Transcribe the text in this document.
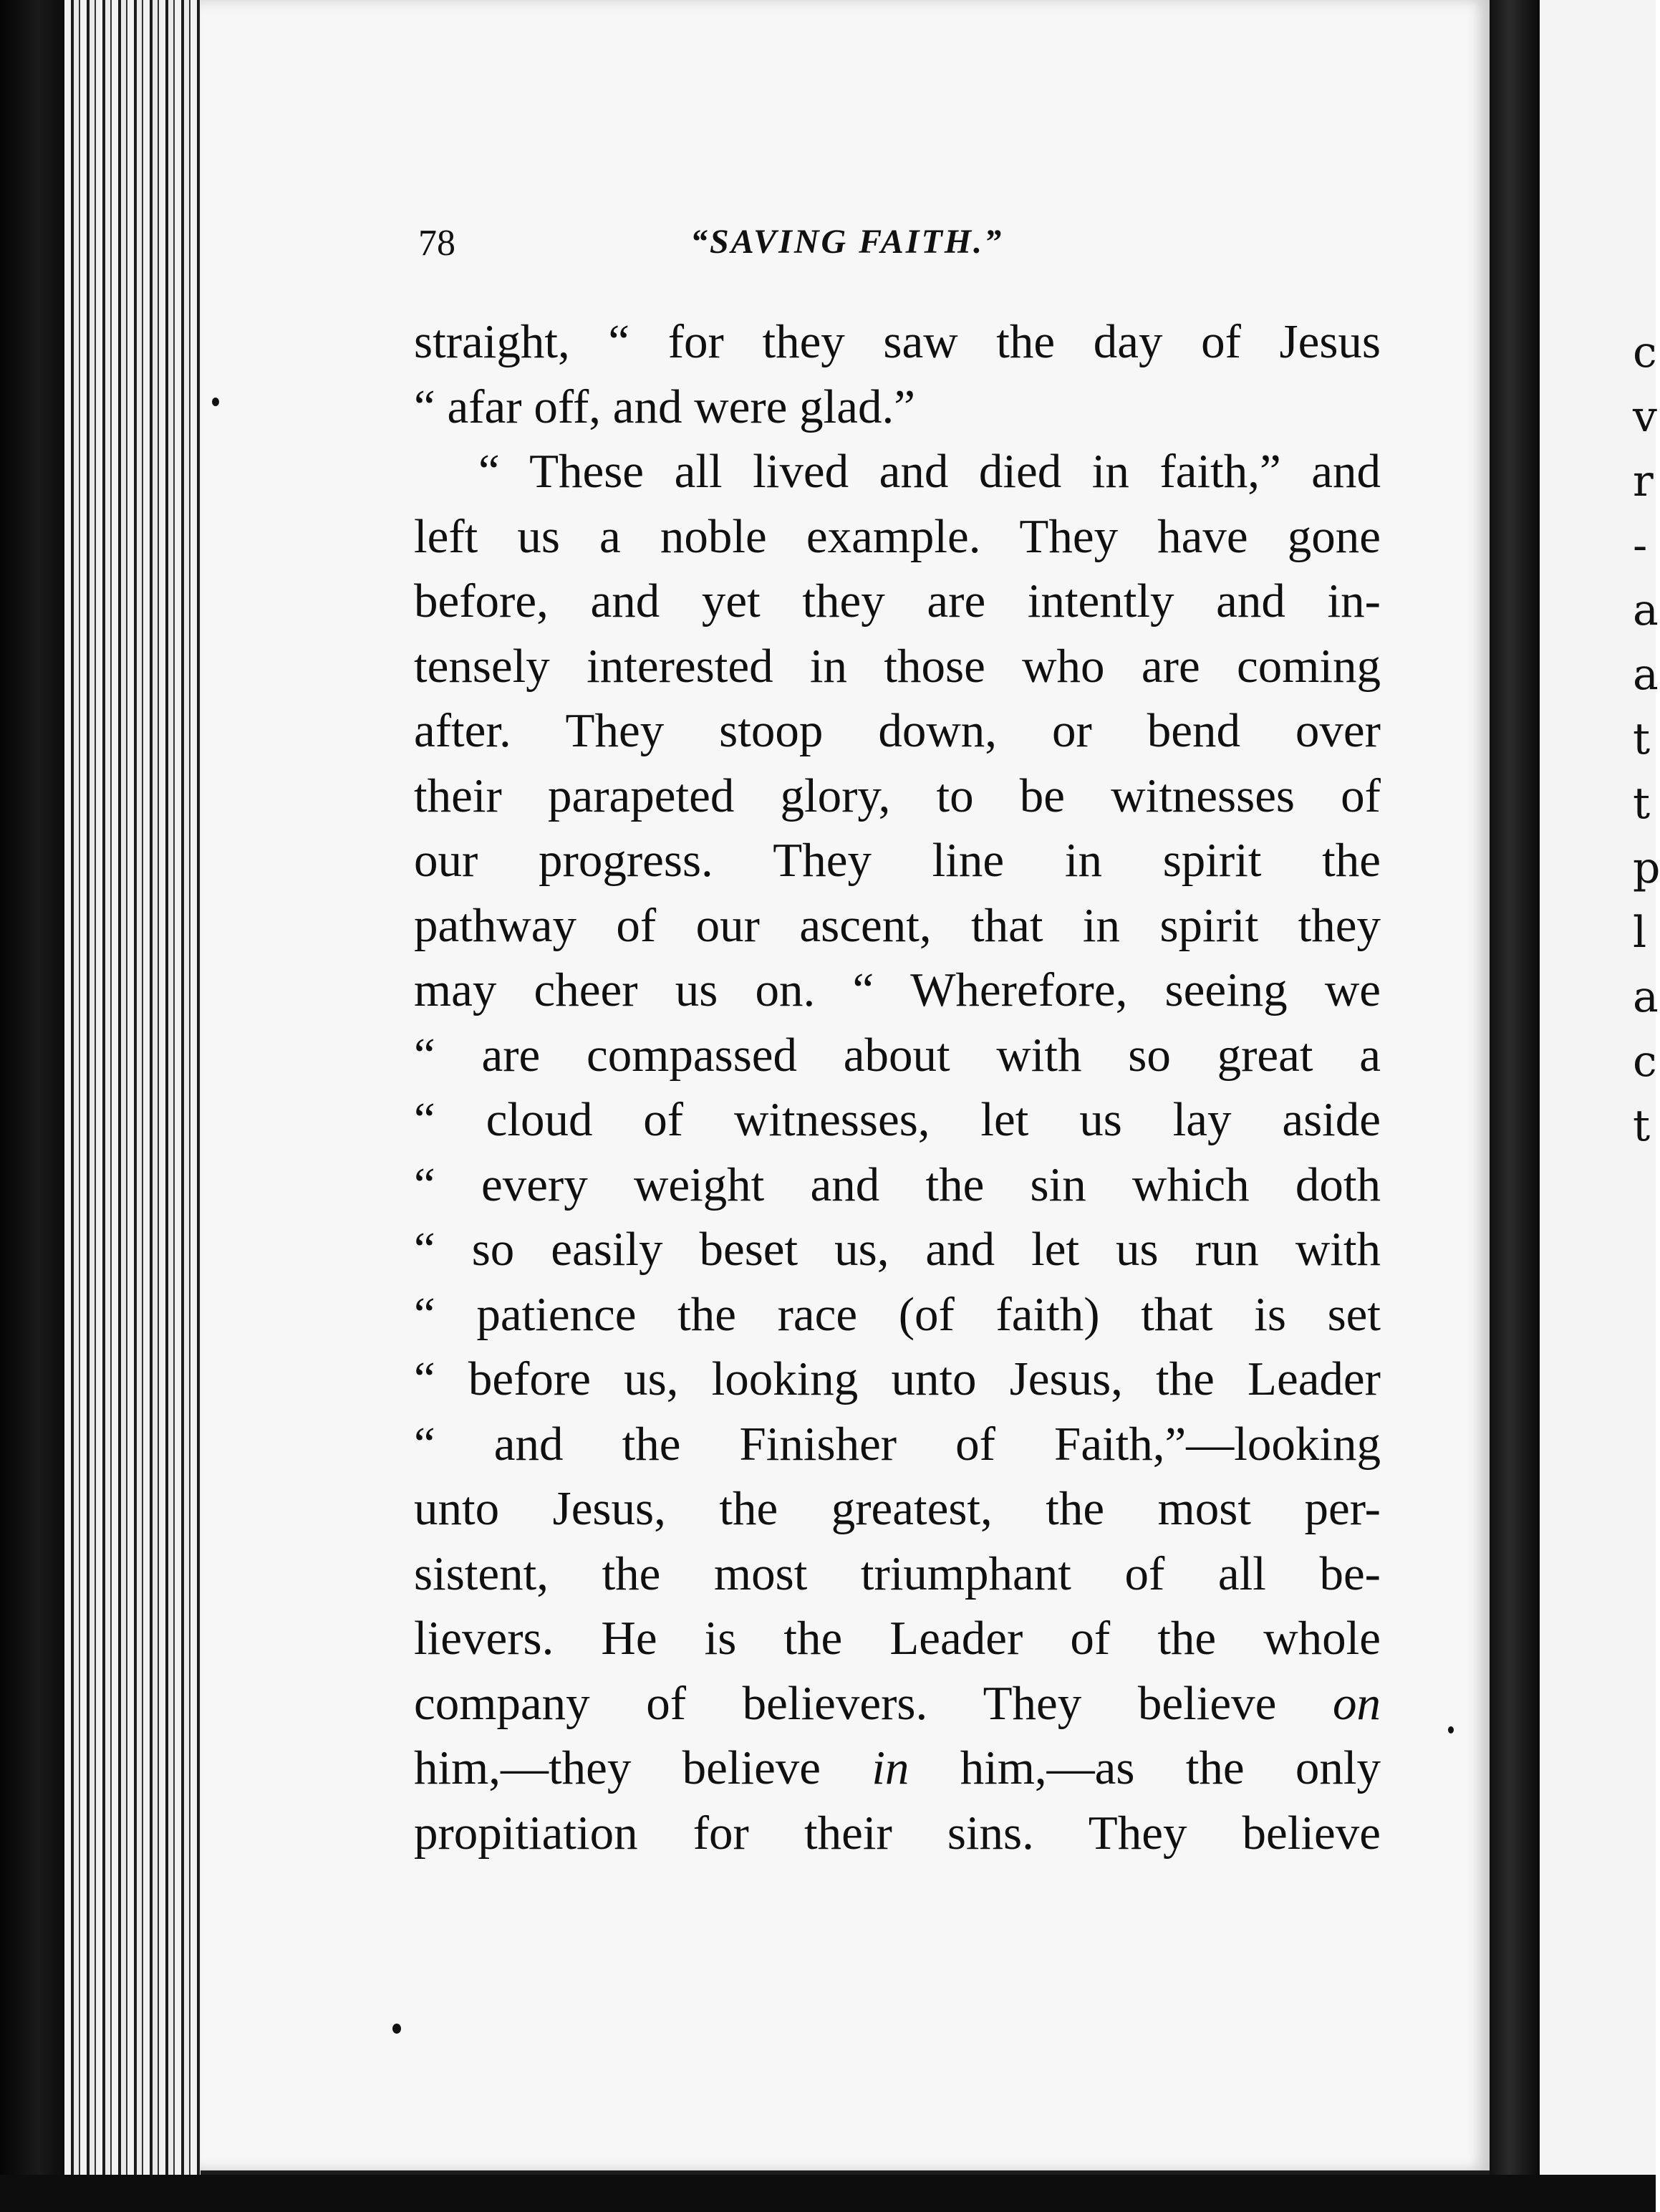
c
v
r
-
a
a
t
t
p
l
a
c
t
78	“SAVING FAITH.”
straight, “ for they saw the day of Jesus
“ afar off, and were glad.”
“ These all lived and died in faith,” and
left us a noble example. They have gone
before, and yet they are intently and in-
tensely interested in those who are coming
after. They stoop down, or bend over
their parapeted glory, to be witnesses of
our progress. They line in spirit the
pathway of our ascent, that in spirit they
may cheer us on. “ Wherefore, seeing we
“ are compassed about with so great a
“ cloud of witnesses, let us lay aside
“ every weight and the sin which doth
“ so easily beset us, and let us run with
“ patience the race (of faith) that is set
“ before us, looking unto Jesus, the Leader
“ and the Finisher of Faith,”—looking
unto Jesus, the greatest, the most per-
sistent, the most triumphant of all be-
lievers. He is the Leader of the whole
company of believers. They believe on
him,—they believe in him,—as the only
propitiation for their sins. They believe
